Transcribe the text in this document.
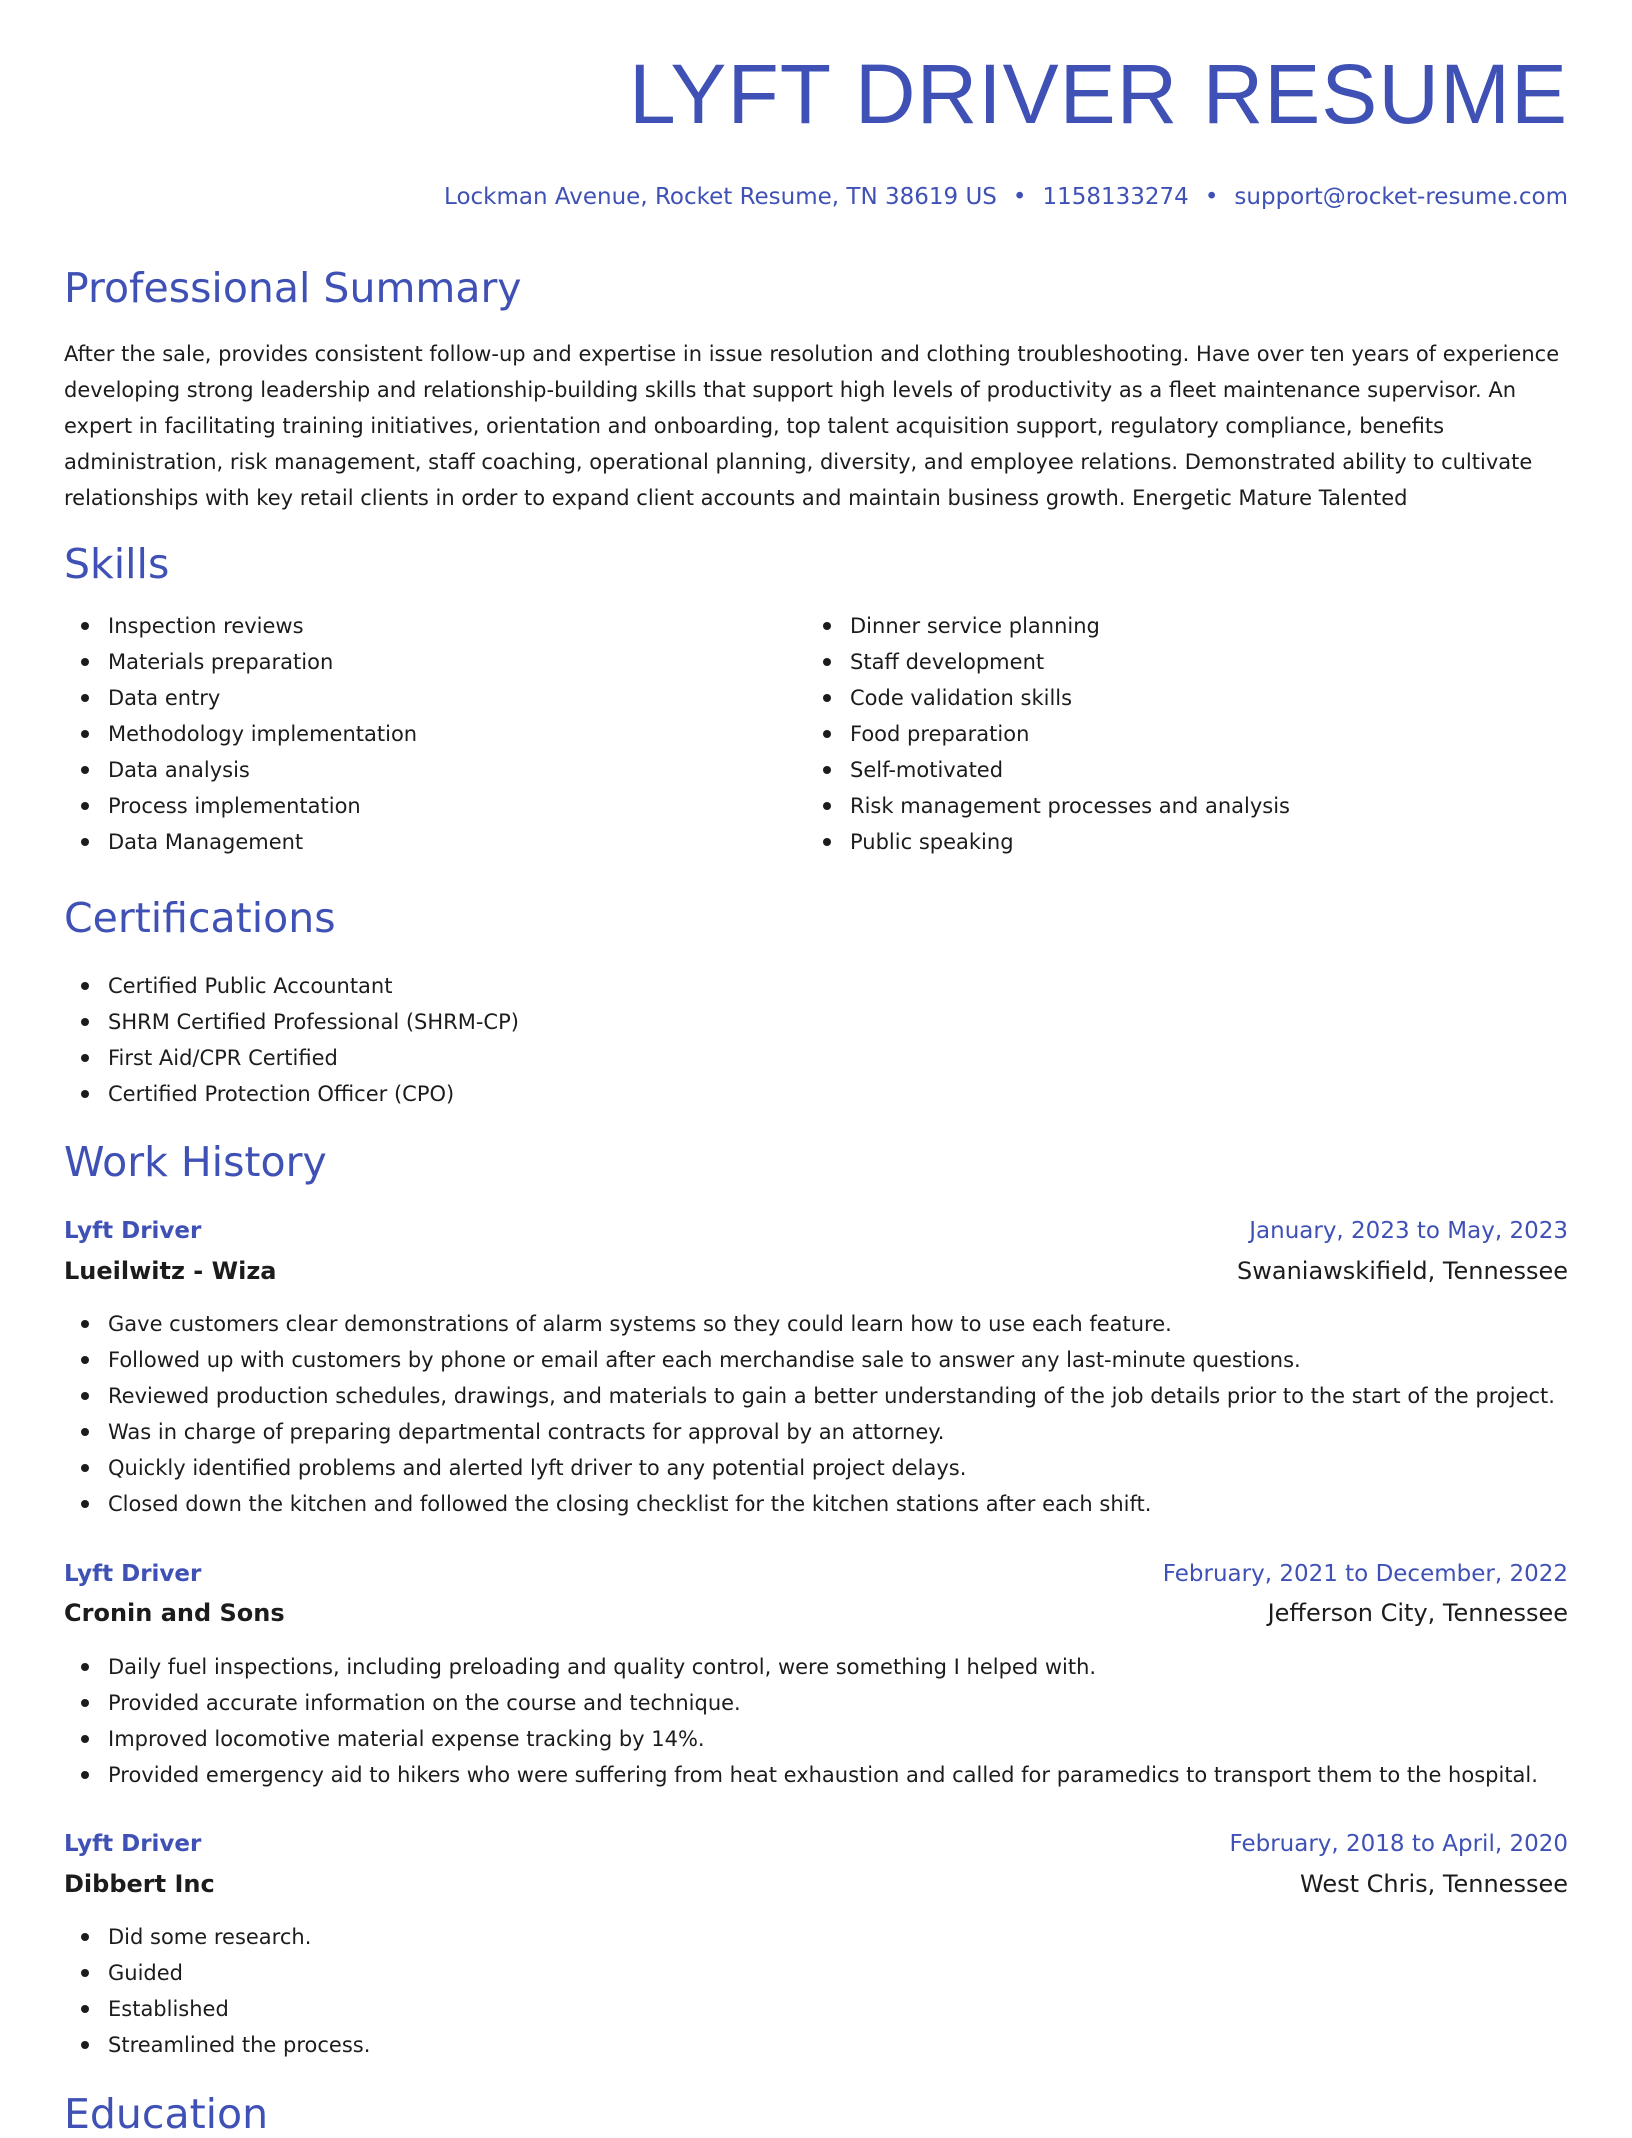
LYFT DRIVER RESUME
Lockman Avenue, Rocket Resume, TN 38619 US • 1158133274 • support@rocket-resume.com
Professional Summary

After the sale, provides consistent follow-up and expertise in issue resolution and clothing troubleshooting. Have over ten years of experience developing strong leadership and relationship-building skills that support high levels of productivity as a fleet maintenance supervisor. An expert in facilitating training initiatives, orientation and onboarding, top talent acquisition support, regulatory compliance, benefits administration, risk management, staff coaching, operational planning, diversity, and employee relations. Demonstrated ability to cultivate relationships with key retail clients in order to expand client accounts and maintain business growth. Energetic Mature Talented

Skills
Inspection reviews
Materials preparation
Data entry
Methodology implementation
Data analysis
Process implementation
Data Management
Dinner service planning
Staff development
Code validation skills
Food preparation
Self-motivated
Risk management processes and analysis
Public speaking
Certifications
Certified Public Accountant
SHRM Certified Professional (SHRM-CP)
First Aid/CPR Certified
Certified Protection Officer (CPO)
Work History
Lyft Driver	January, 2023 to May, 2023
Lueilwitz - Wiza	Swaniawskifield, Tennessee
Gave customers clear demonstrations of alarm systems so they could learn how to use each feature.
Followed up with customers by phone or email after each merchandise sale to answer any last-minute questions.
Reviewed production schedules, drawings, and materials to gain a better understanding of the job details prior to the start of the project.
Was in charge of preparing departmental contracts for approval by an attorney.
Quickly identified problems and alerted lyft driver to any potential project delays.
Closed down the kitchen and followed the closing checklist for the kitchen stations after each shift.
Lyft Driver	February, 2021 to December, 2022
Cronin and Sons	Jefferson City, Tennessee
Daily fuel inspections, including preloading and quality control, were something I helped with.
Provided accurate information on the course and technique.
Improved locomotive material expense tracking by 14%.
Provided emergency aid to hikers who were suffering from heat exhaustion and called for paramedics to transport them to the hospital.
Lyft Driver	February, 2018 to April, 2020
Dibbert Inc	West Chris, Tennessee
Did some research.
Guided
Established
Streamlined the process.
Education
